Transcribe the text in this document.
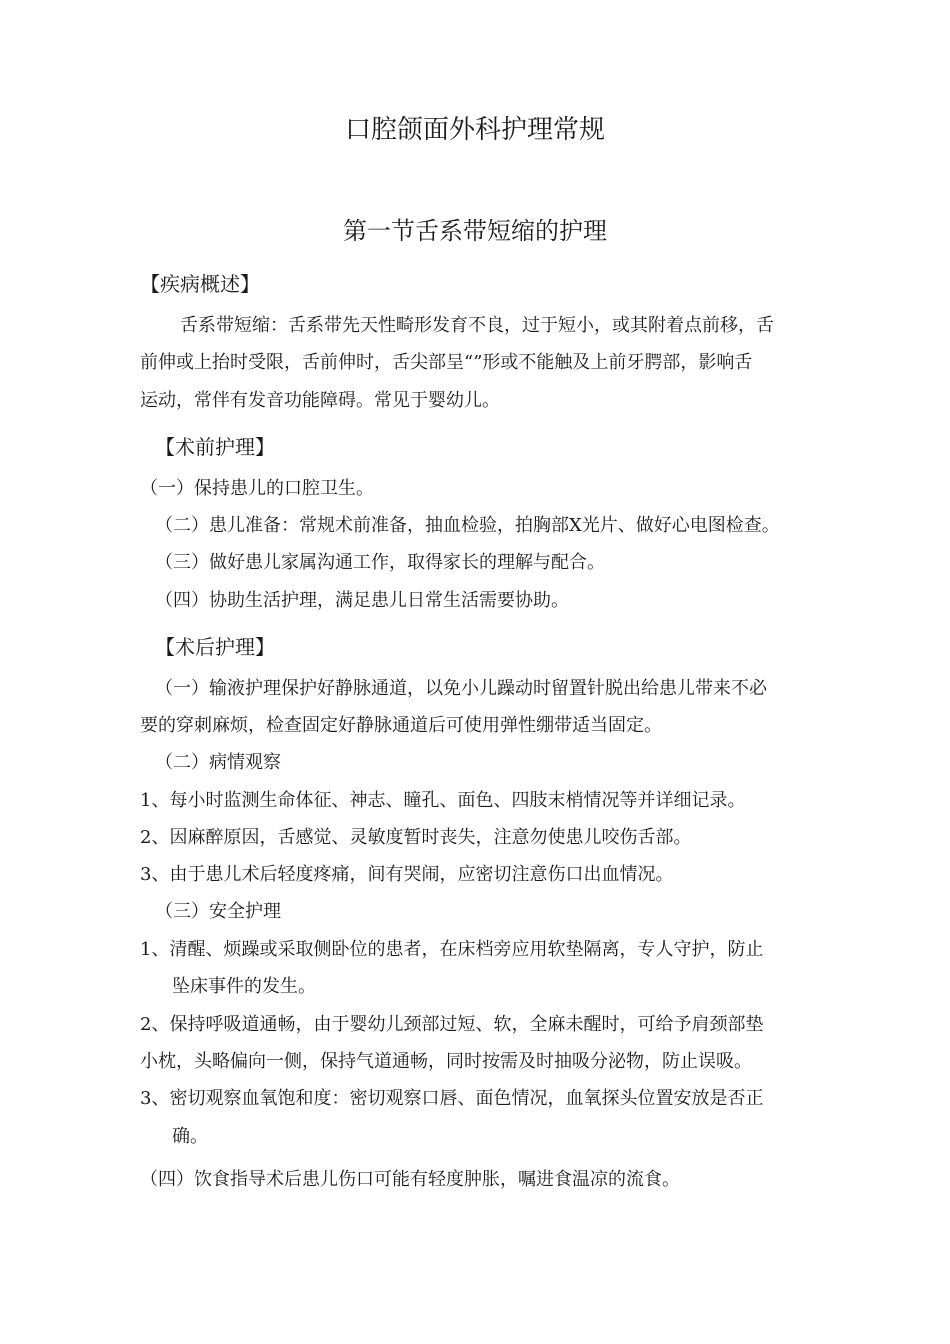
口腔颌面外科护理常规
第一节舌系带短缩的护理
【疾病概述】
舌系带短缩：舌系带先天性畸形发育不良，过于短小，或其附着点前移，舌
前伸或上抬时受限，舌前伸时，舌尖部呈“”形或不能触及上前牙腭部，影响舌
运动，常伴有发音功能障碍。常见于婴幼儿。
【术前护理】
（一）保持患儿的口腔卫生。
（二）患儿准备：常规术前准备，抽血检验，拍胸部X光片、做好心电图检查。
（三）做好患儿家属沟通工作，取得家长的理解与配合。
（四）协助生活护理，满足患儿日常生活需要协助。
【术后护理】
（一）输液护理保护好静脉通道，以免小儿躁动时留置针脱出给患儿带来不必
要的穿刺麻烦，检查固定好静脉通道后可使用弹性绷带适当固定。
（二）病情观察
1、每小时监测生命体征、神志、瞳孔、面色、四肢末梢情况等并详细记录。
2、因麻醉原因，舌感觉、灵敏度暂时丧失，注意勿使患儿咬伤舌部。
3、由于患儿术后轻度疼痛，间有哭闹，应密切注意伤口出血情况。
（三）安全护理
1、清醒、烦躁或采取侧卧位的患者，在床档旁应用软垫隔离，专人守护，防止
坠床事件的发生。
2、保持呼吸道通畅，由于婴幼儿颈部过短、软，全麻未醒时，可给予肩颈部垫
小枕，头略偏向一侧，保持气道通畅，同时按需及时抽吸分泌物，防止误吸。
3、密切观察血氧饱和度：密切观察口唇、面色情况，血氧探头位置安放是否正
确。
（四）饮食指导术后患儿伤口可能有轻度肿胀，嘱进食温凉的流食。
